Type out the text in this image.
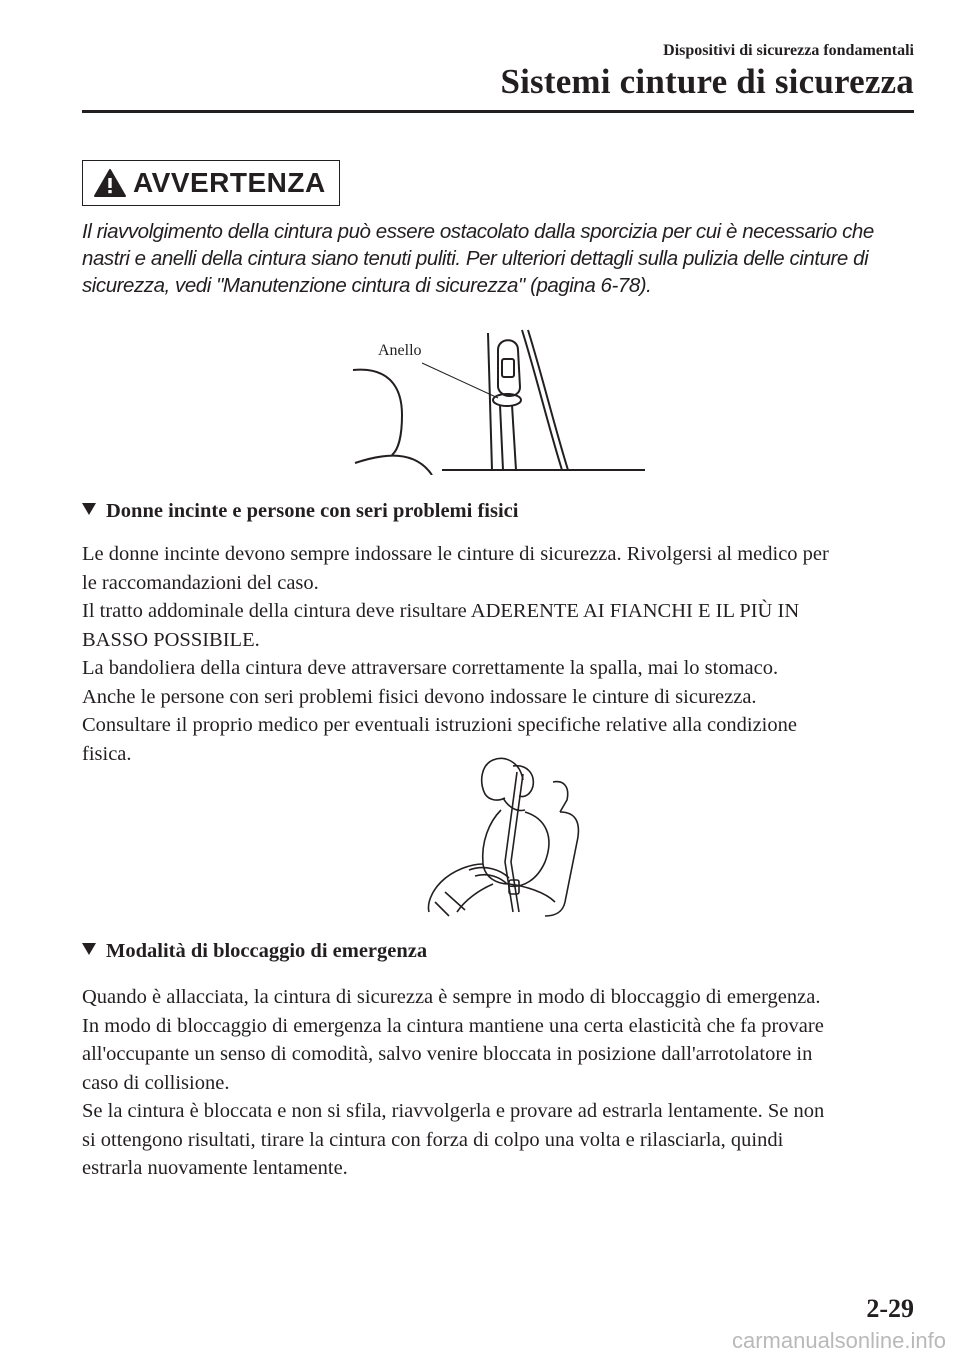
Dispositivi di sicurezza fondamentali
Sistemi cinture di sicurezza
AVVERTENZA
Il riavvolgimento della cintura può essere ostacolato dalla sporcizia per cui è necessario che
nastri e anelli della cintura siano tenuti puliti. Per ulteriori dettagli sulla pulizia delle cinture di
sicurezza, vedi "Manutenzione cintura di sicurezza" (pagina 6-78).
Anello
Donne incinte e persone con seri problemi fisici
Le donne incinte devono sempre indossare le cinture di sicurezza. Rivolgersi al medico per
le raccomandazioni del caso.
Il tratto addominale della cintura deve risultare ADERENTE AI FIANCHI E IL PIÙ IN
BASSO POSSIBILE.
La bandoliera della cintura deve attraversare correttamente la spalla, mai lo stomaco.
Anche le persone con seri problemi fisici devono indossare le cinture di sicurezza.
Consultare il proprio medico per eventuali istruzioni specifiche relative alla condizione
fisica.
Modalità di bloccaggio di emergenza
Quando è allacciata, la cintura di sicurezza è sempre in modo di bloccaggio di emergenza.
In modo di bloccaggio di emergenza la cintura mantiene una certa elasticità che fa provare
all'occupante un senso di comodità, salvo venire bloccata in posizione dall'arrotolatore in
caso di collisione.
Se la cintura è bloccata e non si sfila, riavvolgerla e provare ad estrarla lentamente. Se non
si ottengono risultati, tirare la cintura con forza di colpo una volta e rilasciarla, quindi
estrarla nuovamente lentamente.
2-29
carmanualsonline.info
